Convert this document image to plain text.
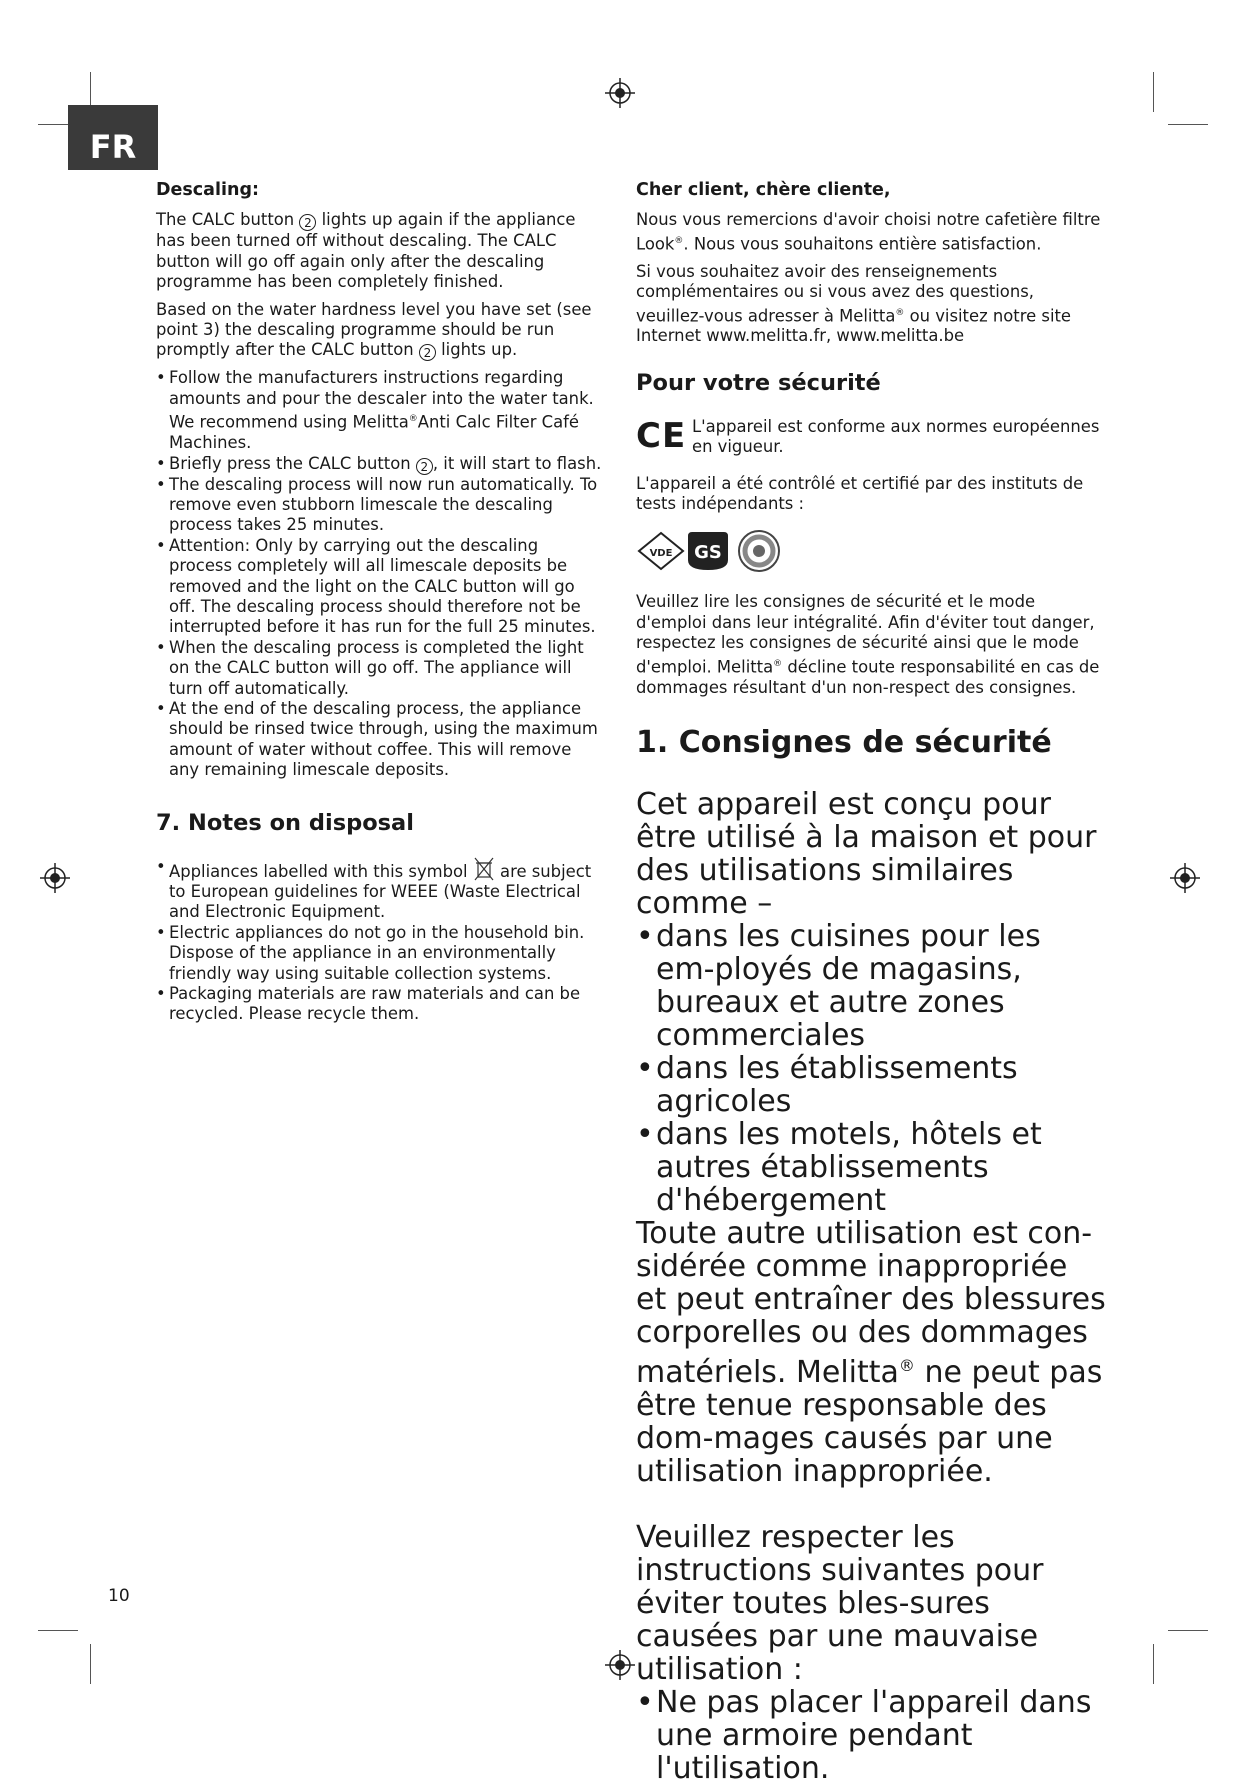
FR
Descaling:

The CALC button 2 lights up again if the appliance has been turned off without descaling. The CALC button will go off again only after the descaling programme has been completely finished.

Based on the water hardness level you have set (see point 3) the descaling programme should be run promptly after the CALC button 2 lights up.

• Follow the manufacturers instructions regarding amounts and pour the descaler into the water tank. We recommend using Melitta®Anti Calc Filter Café Machines.
• Briefly press the CALC button 2 , it will start to flash.
• The descaling process will now run automatically. To remove even stubborn limescale the descaling process takes 25 minutes.
• Attention: Only by carrying out the descaling process completely will all limescale deposits be removed and the light on the CALC button will go off. The descaling process should therefore not be interrupted before it has run for the full 25 minutes.
• When the descaling process is completed the light on the CALC button will go off. The appliance will turn off automatically.
• At the end of the descaling process, the appliance should be rinsed twice through, using the maximum amount of water without coffee. This will remove any remaining limescale deposits.
7. Notes on disposal
• Appliances labelled with this symbol  are subject to European guidelines for WEEE (Waste Electrical and Electronic Equipment.
• Electric appliances do not go in the household bin. Dispose of the appliance in an environmentally friendly way using suitable collection systems.
• Packaging materials are raw materials and can be recycled. Please recycle them.
Cher client, chère cliente,

Nous vous remercions d'avoir choisi notre cafetière filtre Look®. Nous vous souhaitons entière satisfaction.

Si vous souhaitez avoir des renseignements complémentaires ou si vous avez des questions, veuillez-vous adresser à Melitta® ou visitez notre site Internet www.melitta.fr, www.melitta.be

Pour votre sécurité
CE L'appareil est conforme aux normes européennes en vigueur.

L'appareil a été contrôlé et certifié par des instituts de tests indépendants :

VDE GS

Veuillez lire les consignes de sécurité et le mode d'emploi dans leur intégralité. Afin d'éviter tout danger, respectez les consignes de sécurité ainsi que le mode d'emploi. Melitta® décline toute responsabilité en cas de dommages résultant d'un non-respect des consignes.

1. Consignes de sécurité
Cet appareil est conçu pour être utilisé à la maison et pour des utilisations similaires comme –
• dans les cuisines pour les em-ployés de magasins, bureaux et autre zones commerciales
• dans les établissements agricoles
• dans les motels, hôtels et autres établissements d'hébergement
Toute autre utilisation est con-sidérée comme inappropriée et peut entraîner des blessures corporelles ou des dommages matériels. Melitta® ne peut pas être tenue responsable des dom-mages causés par une utilisation inappropriée.
Veuillez respecter les instructions suivantes pour éviter toutes bles-sures causées par une mauvaise utilisation :
• Ne pas placer l'appareil dans une armoire pendant l'utilisation.
10
